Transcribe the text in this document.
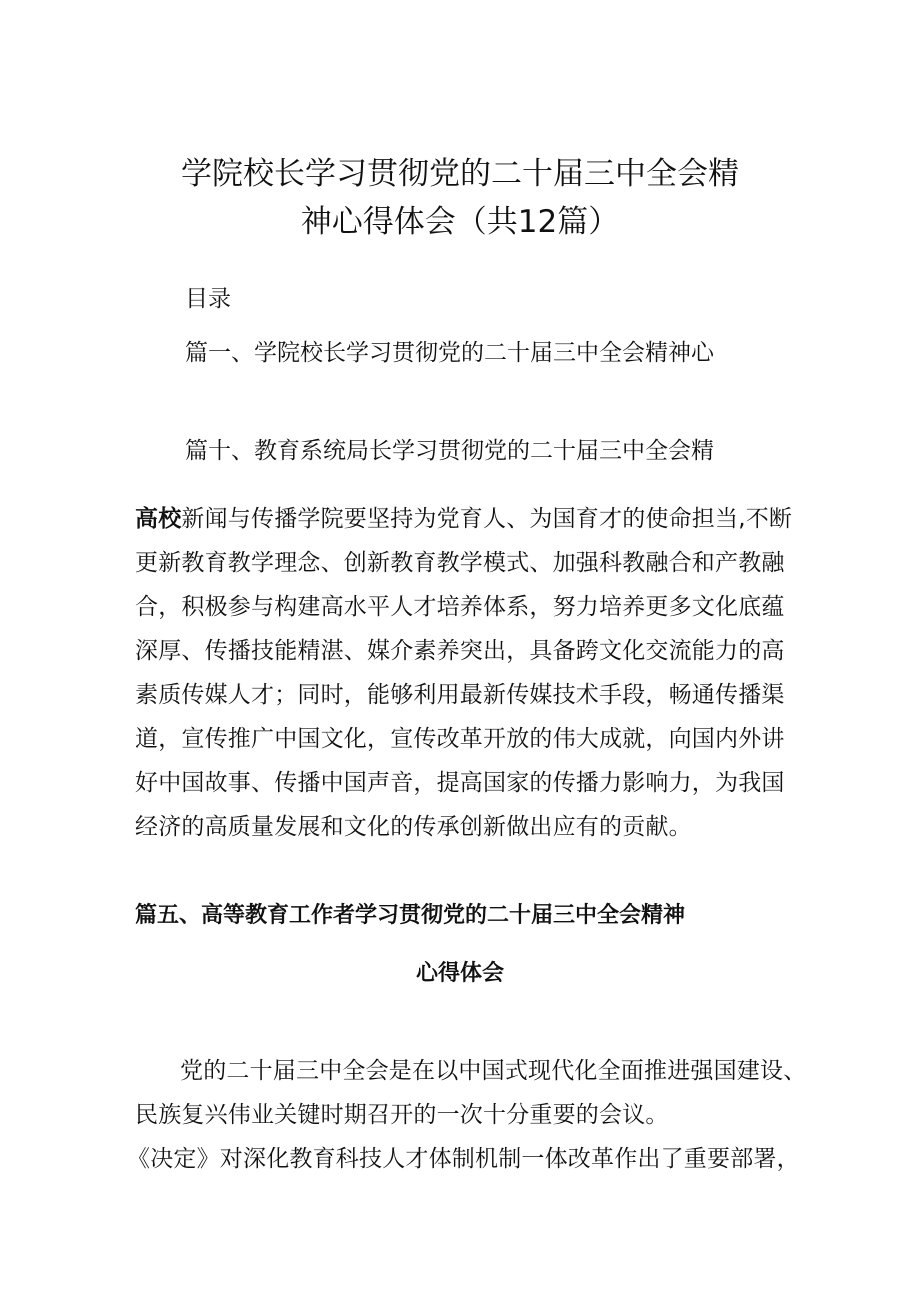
学院校长学习贯彻党的二十届三中全会精
神心得体会（共12篇）
目录
篇一、学院校长学习贯彻党的二十届三中全会精神心
篇十、教育系统局长学习贯彻党的二十届三中全会精
高校新闻与传播学院要坚持为党育人、为国育才的使命担当,不断
更新教育教学理念、创新教育教学模式、加强科教融合和产教融
合，积极参与构建高水平人才培养体系，努力培养更多文化底蕴
深厚、传播技能精湛、媒介素养突出，具备跨文化交流能力的高
素质传媒人才；同时，能够利用最新传媒技术手段，畅通传播渠
道，宣传推广中国文化，宣传改革开放的伟大成就，向国内外讲
好中国故事、传播中国声音，提高国家的传播力影响力，为我国
经济的高质量发展和文化的传承创新做出应有的贡献。
篇五、高等教育工作者学习贯彻党的二十届三中全会精神
心得体会
党的二十届三中全会是在以中国式现代化全面推进强国建设、
民族复兴伟业关键时期召开的一次十分重要的会议。
《决定》对深化教育科技人才体制机制一体改革作出了重要部署，
